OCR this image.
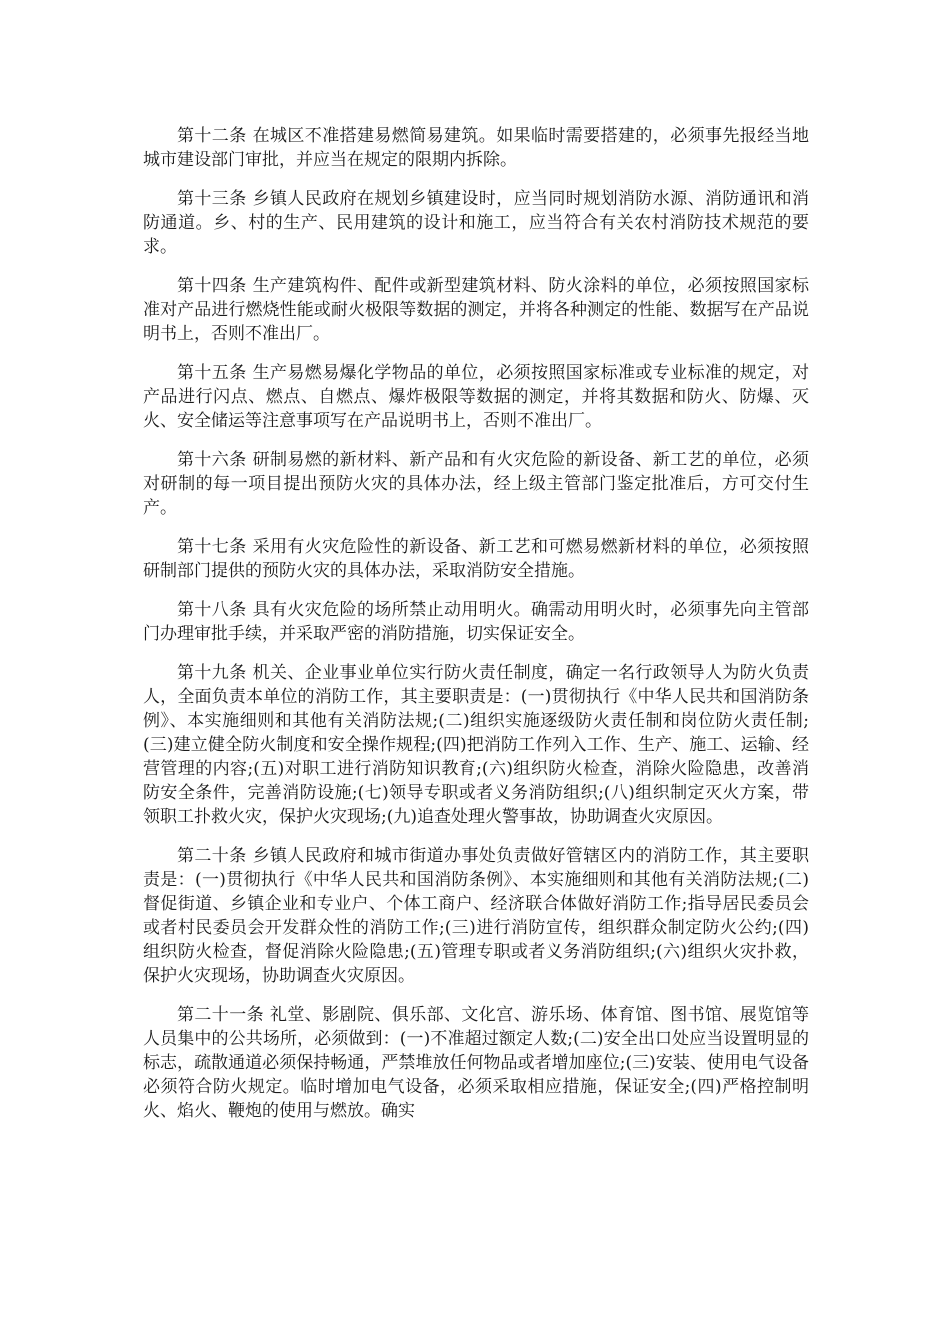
第十二条 在城区不准搭建易燃简易建筑。如果临时需要搭建的，必须事先报经当地城市建设部门审批，并应当在规定的限期内拆除。

第十三条 乡镇人民政府在规划乡镇建设时，应当同时规划消防水源、消防通讯和消防通道。乡、村的生产、民用建筑的设计和施工，应当符合有关农村消防技术规范的要求。

第十四条 生产建筑构件、配件或新型建筑材料、防火涂料的单位，必须按照国家标准对产品进行燃烧性能或耐火极限等数据的测定，并将各种测定的性能、数据写在产品说明书上，否则不准出厂。

第十五条 生产易燃易爆化学物品的单位，必须按照国家标准或专业标准的规定，对产品进行闪点、燃点、自燃点、爆炸极限等数据的测定，并将其数据和防火、防爆、灭火、安全储运等注意事项写在产品说明书上，否则不准出厂。

第十六条 研制易燃的新材料、新产品和有火灾危险的新设备、新工艺的单位，必须对研制的每一项目提出预防火灾的具体办法，经上级主管部门鉴定批准后，方可交付生产。

第十七条 采用有火灾危险性的新设备、新工艺和可燃易燃新材料的单位，必须按照研制部门提供的预防火灾的具体办法，采取消防安全措施。

第十八条 具有火灾危险的场所禁止动用明火。确需动用明火时，必须事先向主管部门办理审批手续，并采取严密的消防措施，切实保证安全。

第十九条 机关、企业事业单位实行防火责任制度，确定一名行政领导人为防火负责人，全面负责本单位的消防工作，其主要职责是：(一)贯彻执行《中华人民共和国消防条例》、本实施细则和其他有关消防法规;(二)组织实施逐级防火责任制和岗位防火责任制;(三)建立健全防火制度和安全操作规程;(四)把消防工作列入工作、生产、施工、运输、经营管理的内容;(五)对职工进行消防知识教育;(六)组织防火检查，消除火险隐患，改善消防安全条件，完善消防设施;(七)领导专职或者义务消防组织;(八)组织制定灭火方案，带领职工扑救火灾，保护火灾现场;(九)追查处理火警事故，协助调查火灾原因。

第二十条 乡镇人民政府和城市街道办事处负责做好管辖区内的消防工作，其主要职责是：(一)贯彻执行《中华人民共和国消防条例》、本实施细则和其他有关消防法规;(二)督促街道、乡镇企业和专业户、个体工商户、经济联合体做好消防工作;指导居民委员会或者村民委员会开发群众性的消防工作;(三)进行消防宣传，组织群众制定防火公约;(四)组织防火检查，督促消除火险隐患;(五)管理专职或者义务消防组织;(六)组织火灾扑救，保护火灾现场，协助调查火灾原因。

第二十一条 礼堂、影剧院、俱乐部、文化宫、游乐场、体育馆、图书馆、展览馆等人员集中的公共场所，必须做到：(一)不准超过额定人数;(二)安全出口处应当设置明显的标志，疏散通道必须保持畅通，严禁堆放任何物品或者增加座位;(三)安装、使用电气设备必须符合防火规定。临时增加电气设备，必须采取相应措施，保证安全;(四)严格控制明火、焰火、鞭炮的使用与燃放。确实
